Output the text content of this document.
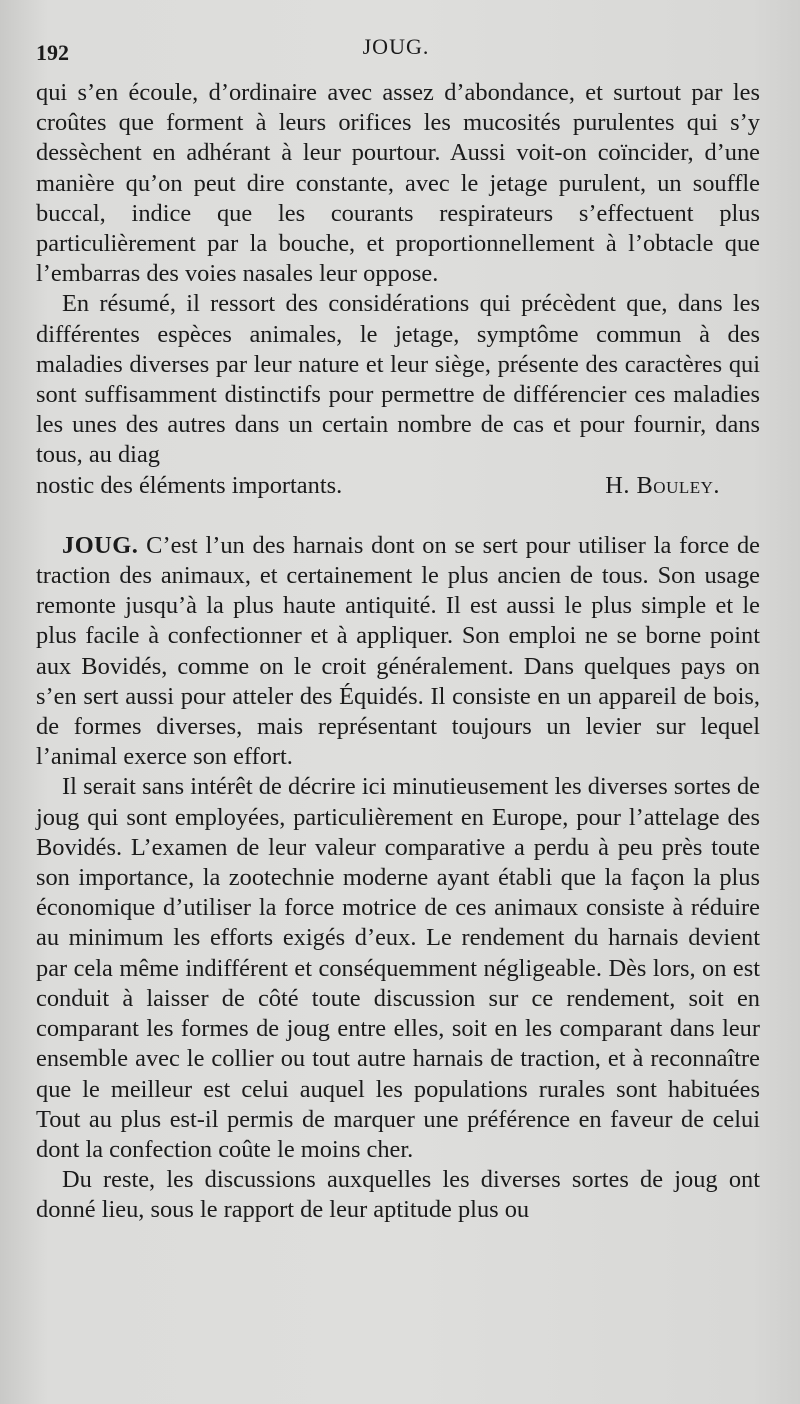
192	JOUG.

qui s’en écoule, d’ordinaire avec assez d’abondance, et surtout par les croûtes que forment à leurs orifices les mucosités purulentes qui s’y dessèchent en adhérant à leur pourtour. Aussi voit-on coïncider, d’une manière qu’on peut dire constante, avec le jetage purulent, un souffle buccal, indice que les courants respirateurs s’effectuent plus particulièrement par la bouche, et proportionnellement à l’obtacle que l’embarras des voies nasales leur oppose.

En résumé, il ressort des considérations qui précèdent que, dans les différentes espèces animales, le jetage, symptôme commun à des maladies diverses par leur nature et leur siège, présente des caractères qui sont suffisamment distinctifs pour permettre de différencier ces maladies les unes des autres dans un certain nombre de cas et pour fournir, dans tous, au diag

nostic des éléments importants.	H. Bouley.

JOUG. C’est l’un des harnais dont on se sert pour utiliser la force de traction des animaux, et certainement le plus ancien de tous. Son usage remonte jusqu’à la plus haute antiquité. Il est aussi le plus simple et le plus facile à confectionner et à appliquer. Son emploi ne se borne point aux Bovidés, comme on le croit généralement. Dans quelques pays on s’en sert aussi pour atteler des Équidés. Il consiste en un appareil de bois, de formes diverses, mais représentant toujours un levier sur lequel l’animal exerce son effort.

Il serait sans intérêt de décrire ici minutieusement les diverses sortes de joug qui sont employées, particulièrement en Europe, pour l’attelage des Bovidés. L’examen de leur valeur comparative a perdu à peu près toute son importance, la zootechnie moderne ayant établi que la façon la plus économique d’utiliser la force motrice de ces animaux consiste à réduire au minimum les efforts exigés d’eux. Le rendement du harnais devient par cela même indifférent et conséquemment négligeable. Dès lors, on est conduit à laisser de côté toute discussion sur ce rendement, soit en comparant les formes de joug entre elles, soit en les comparant dans leur ensemble avec le collier ou tout autre harnais de traction, et à reconnaître que le meilleur est celui auquel les populations rurales sont habituées Tout au plus est-il permis de marquer une préférence en faveur de celui dont la confection coûte le moins cher.

Du reste, les discussions auxquelles les diverses sortes de joug ont donné lieu, sous le rapport de leur aptitude plus ou
